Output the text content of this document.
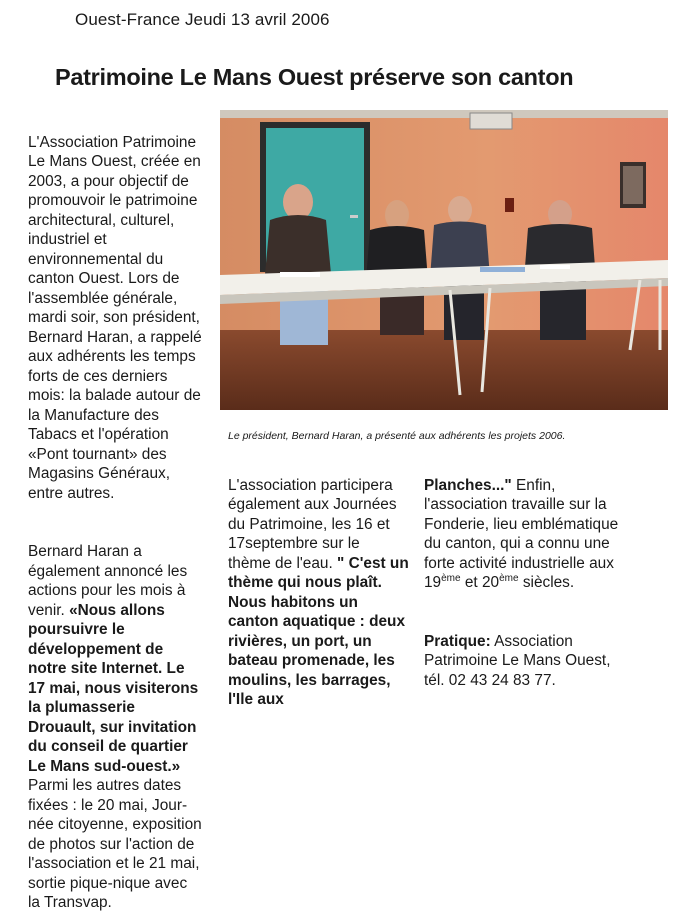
Ouest-France Jeudi 13 avril 2006
Patrimoine Le Mans Ouest préserve son canton

L'Association Patrimoine
Le Mans Ouest, créée en
2003, a pour objectif de
promouvoir le patrimoine
architectural, culturel,
industriel et
environnemental du
canton Ouest. Lors de
l'assemblée générale,
mardi soir, son président,
Bernard Haran, a rappelé
aux adhérents les temps
forts de ces derniers
mois: la balade autour de
la Manufacture des
Tabacs et l'opération
«Pont tournant» des
Magasins Généraux,
entre autres.

Bernard Haran a
également annoncé les
actions pour les mois à
venir. «Nous allons
poursuivre le
développement de
notre site Internet. Le
17 mai, nous visiterons
la plumasserie
Drouault, sur invitation
du conseil de quartier
Le Mans sud-ouest.»
Parmi les autres dates
fixées : le 20 mai, Jour-
née citoyenne, exposition
de photos sur l'action de
l'association et le 21 mai,
sortie pique-nique avec
la Transvap.

Le président, Bernard Haran, a présenté aux adhérents les projets 2006.

L'association participera
également aux Journées
du Patrimoine, les 16 et
17septembre sur le
thème de l'eau. " C'est un
thème qui nous plaît.
Nous habitons un
canton aquatique : deux
rivières, un port, un
bateau promenade, les
moulins, les barrages,
l'Ile aux

Planches..." Enfin,
l'association travaille sur la
Fonderie, lieu emblématique
du canton, qui a connu une
forte activité industrielle aux
19ème et 20ème siècles.

Pratique: Association
Patrimoine Le Mans Ouest,
tél. 02 43 24 83 77.
